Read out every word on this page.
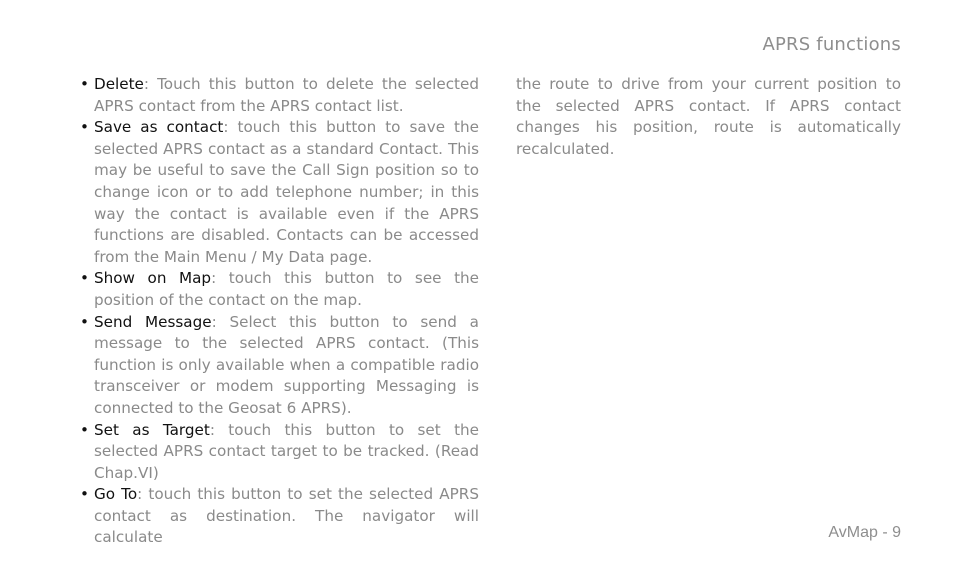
APRS functions
• Delete: Touch this button to delete the selected APRS contact from the APRS contact list.
• Save as contact: touch this button to save the selected APRS contact as a standard Contact. This may be useful to save the Call Sign position so to change icon or to add telephone number; in this way the contact is available even if the APRS functions are disabled. Contacts can be accessed from the Main Menu / My Data page.
• Show on Map: touch this button to see the position of the contact on the map.
• Send Message: Select this button to send a message to the selected APRS contact. (This function is only available when a compatible radio transceiver or modem supporting Messaging is connected to the Geosat 6 APRS).
• Set as Target: touch this button to set the selected APRS contact target to be tracked. (Read Chap.VI)
• Go To: touch this button to set the selected APRS contact as destination. The navigator will calculate

the route to drive from your current position to the selected APRS contact. If APRS contact changes his position, route is automatically recalculated.

AvMap - 9
